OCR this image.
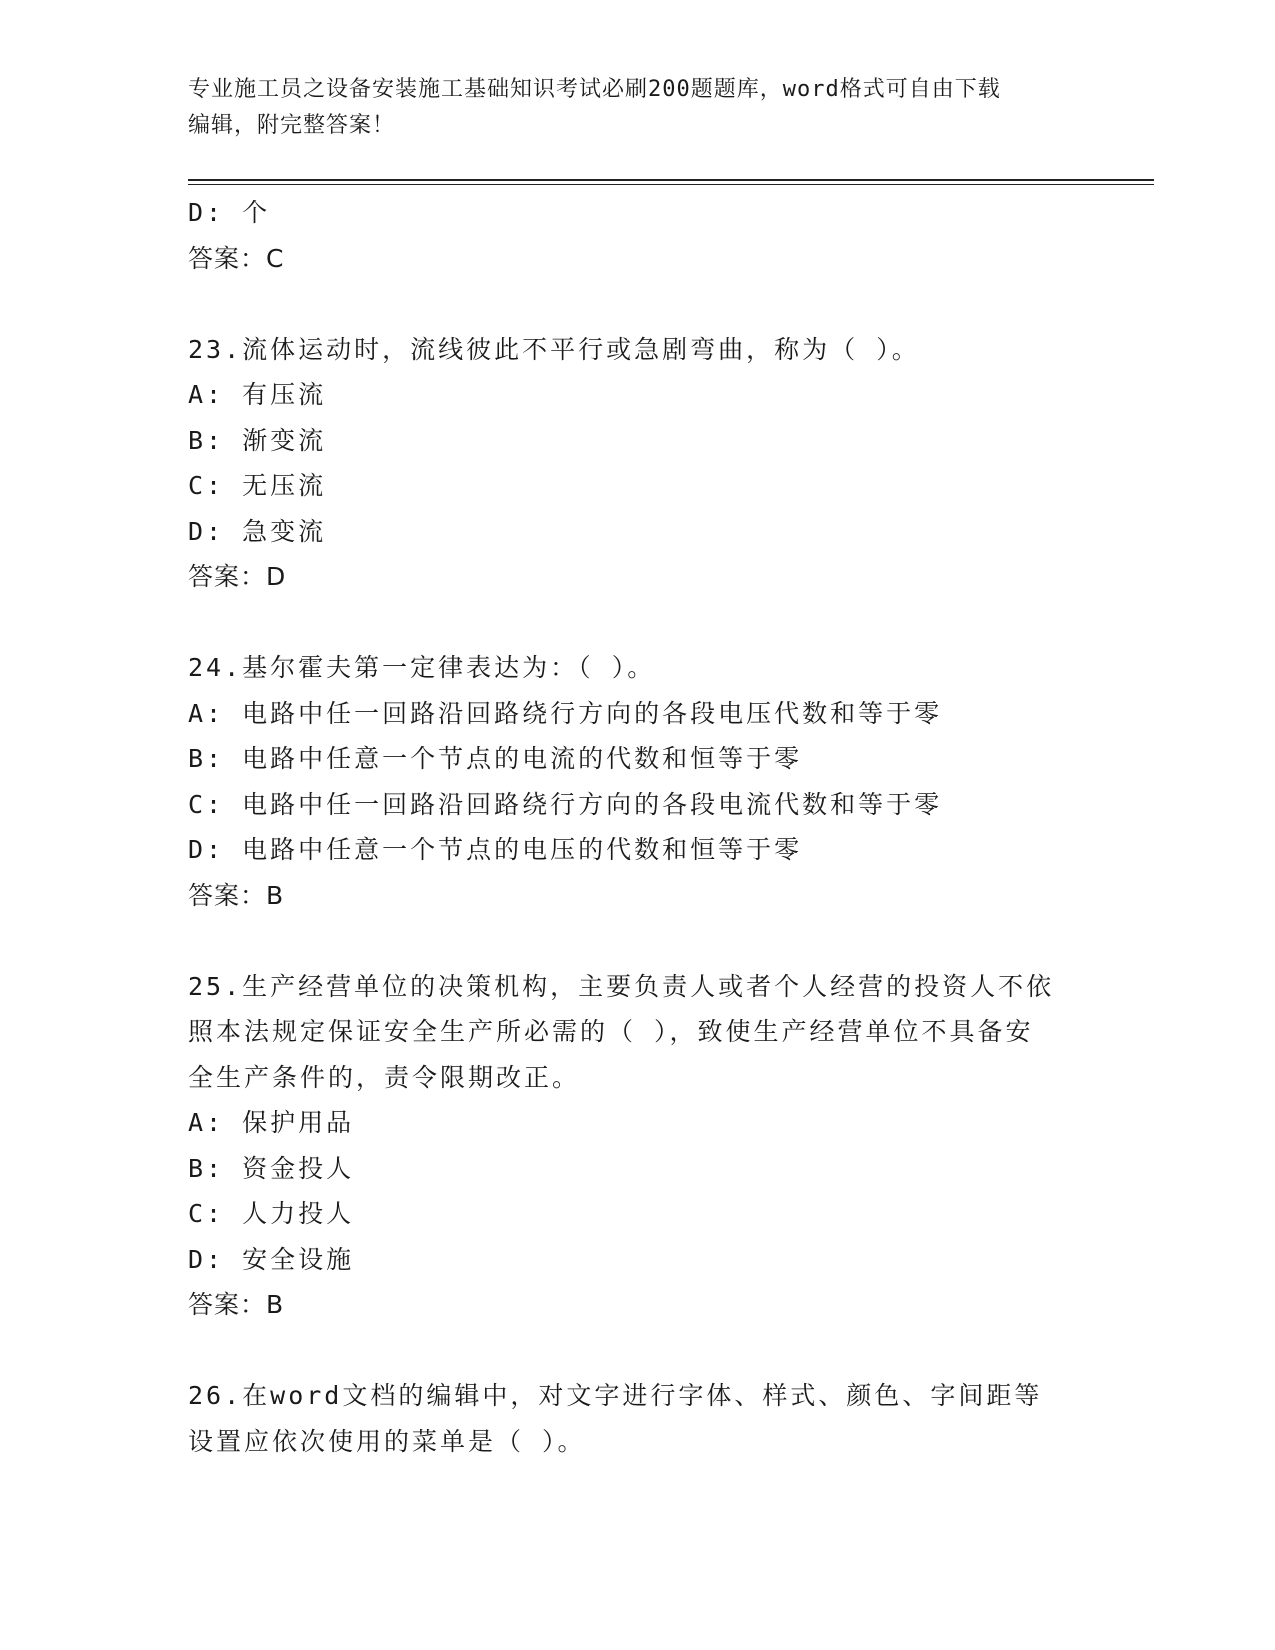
专业施工员之设备安装施工基础知识考试必刷200题题库，word格式可自由下载
编辑，附完整答案！
D: 个
答案：C
23.流体运动时，流线彼此不平行或急剧弯曲，称为（ ）。
A: 有压流
B: 渐变流
C: 无压流
D: 急变流
答案：D
24.基尔霍夫第一定律表达为：（ ）。
A: 电路中任一回路沿回路绕行方向的各段电压代数和等于零
B: 电路中任意一个节点的电流的代数和恒等于零
C: 电路中任一回路沿回路绕行方向的各段电流代数和等于零
D: 电路中任意一个节点的电压的代数和恒等于零
答案：B
25.生产经营单位的决策机构，主要负责人或者个人经营的投资人不依
照本法规定保证安全生产所必需的（ ），致使生产经营单位不具备安
全生产条件的，责令限期改正。
A: 保护用品
B: 资金投人
C: 人力投人
D: 安全设施
答案：B
26.在word文档的编辑中，对文字进行字体、样式、颜色、字间距等
设置应依次使用的菜单是（ ）。
